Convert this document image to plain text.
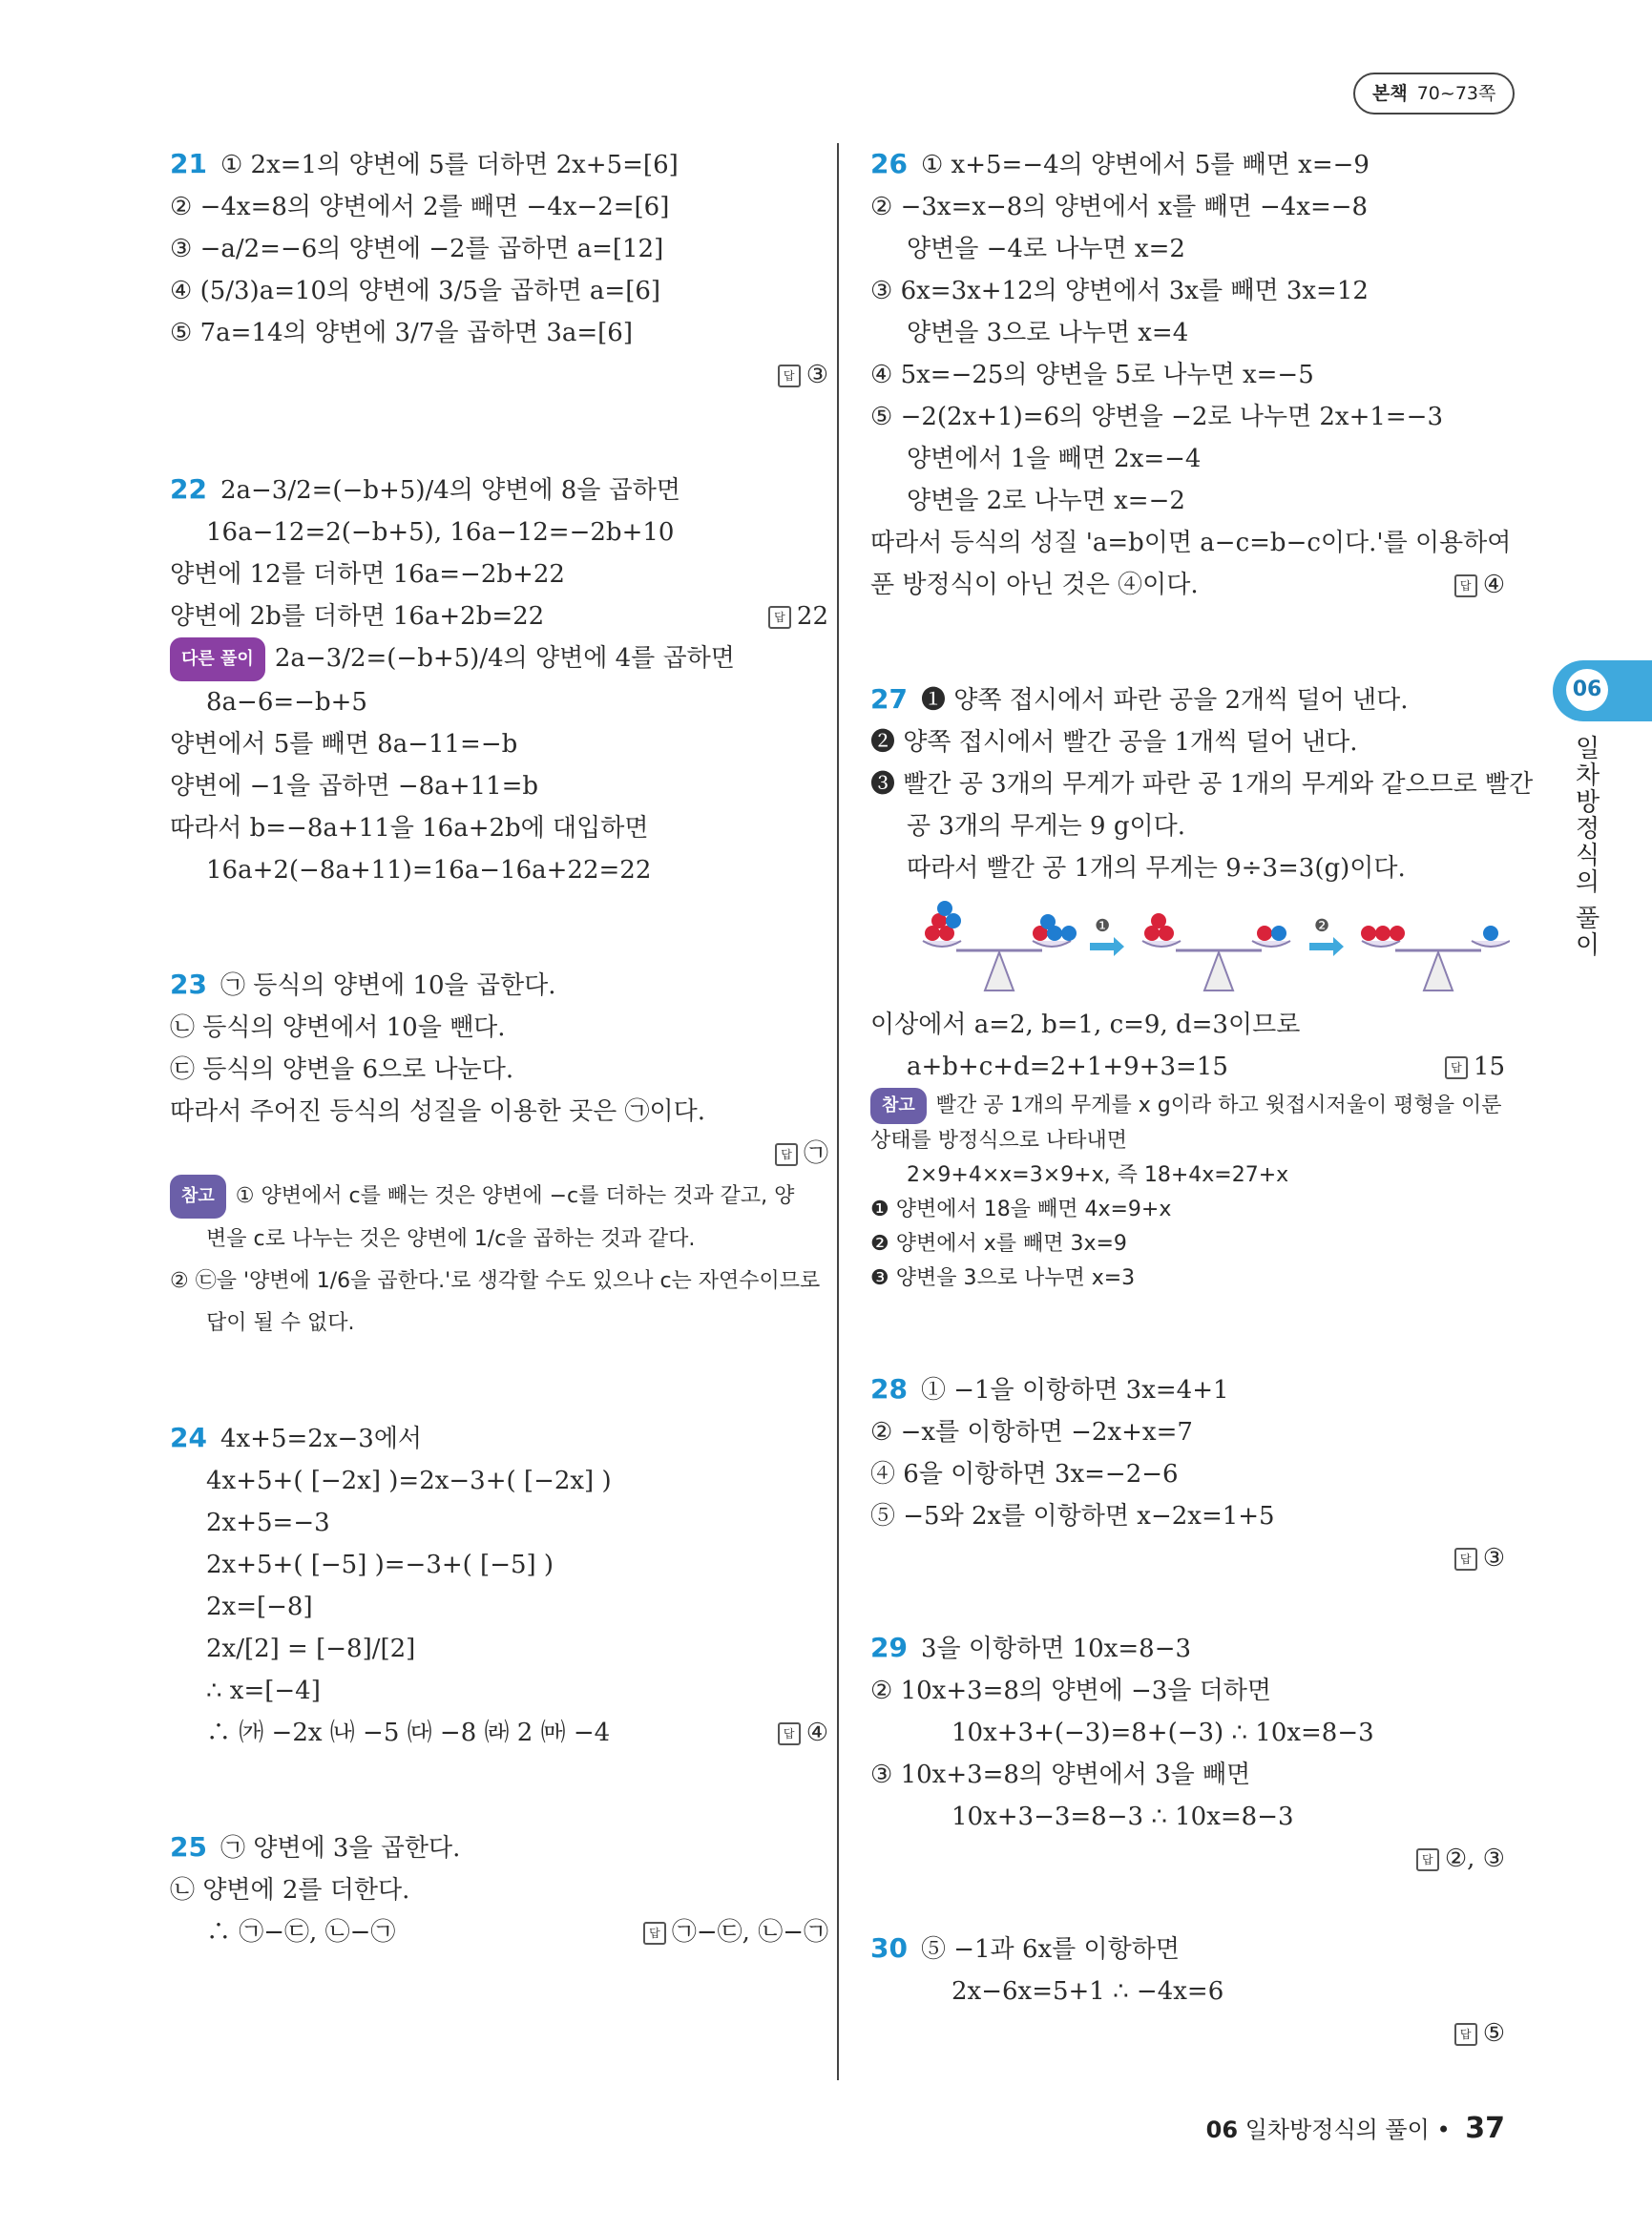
본책 70~73쪽
06
일차방정식의 풀이
21 ① 2x=1의 양변에 5를 더하면 2x+5=[6]
② −4x=8의 양변에서 2를 빼면 −4x−2=[6]
③ −a/2=−6의 양변에 −2를 곱하면 a=[12]
④ (5/3)a=10의 양변에 3/5을 곱하면 a=[6]
⑤ 7a=14의 양변에 3/7을 곱하면 3a=[6]
답 ③
22 2a−3/2=(−b+5)/4의 양변에 8을 곱하면
16a−12=2(−b+5), 16a−12=−2b+10
양변에 12를 더하면 16a=−2b+22
양변에 2b를 더하면 16a+2b=22	답 22
다른 풀이 2a−3/2=(−b+5)/4의 양변에 4를 곱하면
8a−6=−b+5
양변에서 5를 빼면 8a−11=−b
양변에 −1을 곱하면 −8a+11=b
따라서 b=−8a+11을 16a+2b에 대입하면
16a+2(−8a+11)=16a−16a+22=22
23 ㉠ 등식의 양변에 10을 곱한다.
㉡ 등식의 양변에서 10을 뺀다.
㉢ 등식의 양변을 6으로 나눈다.
따라서 주어진 등식의 성질을 이용한 곳은 ㉠이다.
답 ㉠
참고 ① 양변에서 c를 빼는 것은 양변에 −c를 더하는 것과 같고, 양
변을 c로 나누는 것은 양변에 1/c을 곱하는 것과 같다.
② ㉢을 '양변에 1/6을 곱한다.'로 생각할 수도 있으나 c는 자연수이므로
답이 될 수 없다.
24 4x+5=2x−3에서
4x+5+( [−2x] )=2x−3+( [−2x] )
2x+5=−3
2x+5+( [−5] )=−3+( [−5] )
2x=[−8]
2x/[2] = [−8]/[2]
∴ x=[−4]
∴ ㈎ −2x ㈏ −5 ㈐ −8 ㈑ 2 ㈒ −4	답 ④
25 ㉠ 양변에 3을 곱한다.
㉡ 양변에 2를 더한다.
∴ ㉠−㉢, ㉡−㉠	답 ㉠−㉢, ㉡−㉠
26 ① x+5=−4의 양변에서 5를 빼면 x=−9
② −3x=x−8의 양변에서 x를 빼면 −4x=−8
양변을 −4로 나누면 x=2
③ 6x=3x+12의 양변에서 3x를 빼면 3x=12
양변을 3으로 나누면 x=4
④ 5x=−25의 양변을 5로 나누면 x=−5
⑤ −2(2x+1)=6의 양변을 −2로 나누면 2x+1=−3
양변에서 1을 빼면 2x=−4
양변을 2로 나누면 x=−2
따라서 등식의 성질 'a=b이면 a−c=b−c이다.'를 이용하여
푼 방정식이 아닌 것은 ④이다.	답 ④
27 ❶ 양쪽 접시에서 파란 공을 2개씩 덜어 낸다.
❷ 양쪽 접시에서 빨간 공을 1개씩 덜어 낸다.
❸ 빨간 공 3개의 무게가 파란 공 1개의 무게와 같으므로 빨간
공 3개의 무게는 9 g이다.
따라서 빨간 공 1개의 무게는 9÷3=3(g)이다.
❶	❷
이상에서 a=2, b=1, c=9, d=3이므로
a+b+c+d=2+1+9+3=15	답 15
참고 빨간 공 1개의 무게를 x g이라 하고 윗접시저울이 평형을 이룬
상태를 방정식으로 나타내면
2×9+4×x=3×9+x, 즉 18+4x=27+x
❶ 양변에서 18을 빼면 4x=9+x
❷ 양변에서 x를 빼면 3x=9
❸ 양변을 3으로 나누면 x=3
28 ① −1을 이항하면 3x=4+1
② −x를 이항하면 −2x+x=7
④ 6을 이항하면 3x=−2−6
⑤ −5와 2x를 이항하면 x−2x=1+5
답 ③
29 3을 이항하면 10x=8−3
② 10x+3=8의 양변에 −3을 더하면
10x+3+(−3)=8+(−3) ∴ 10x=8−3
③ 10x+3=8의 양변에서 3을 빼면
10x+3−3=8−3 ∴ 10x=8−3
답 ②, ③
30 ⑤ −1과 6x를 이항하면
2x−6x=5+1 ∴ −4x=6
답 ⑤
06 일차방정식의 풀이 • 37
